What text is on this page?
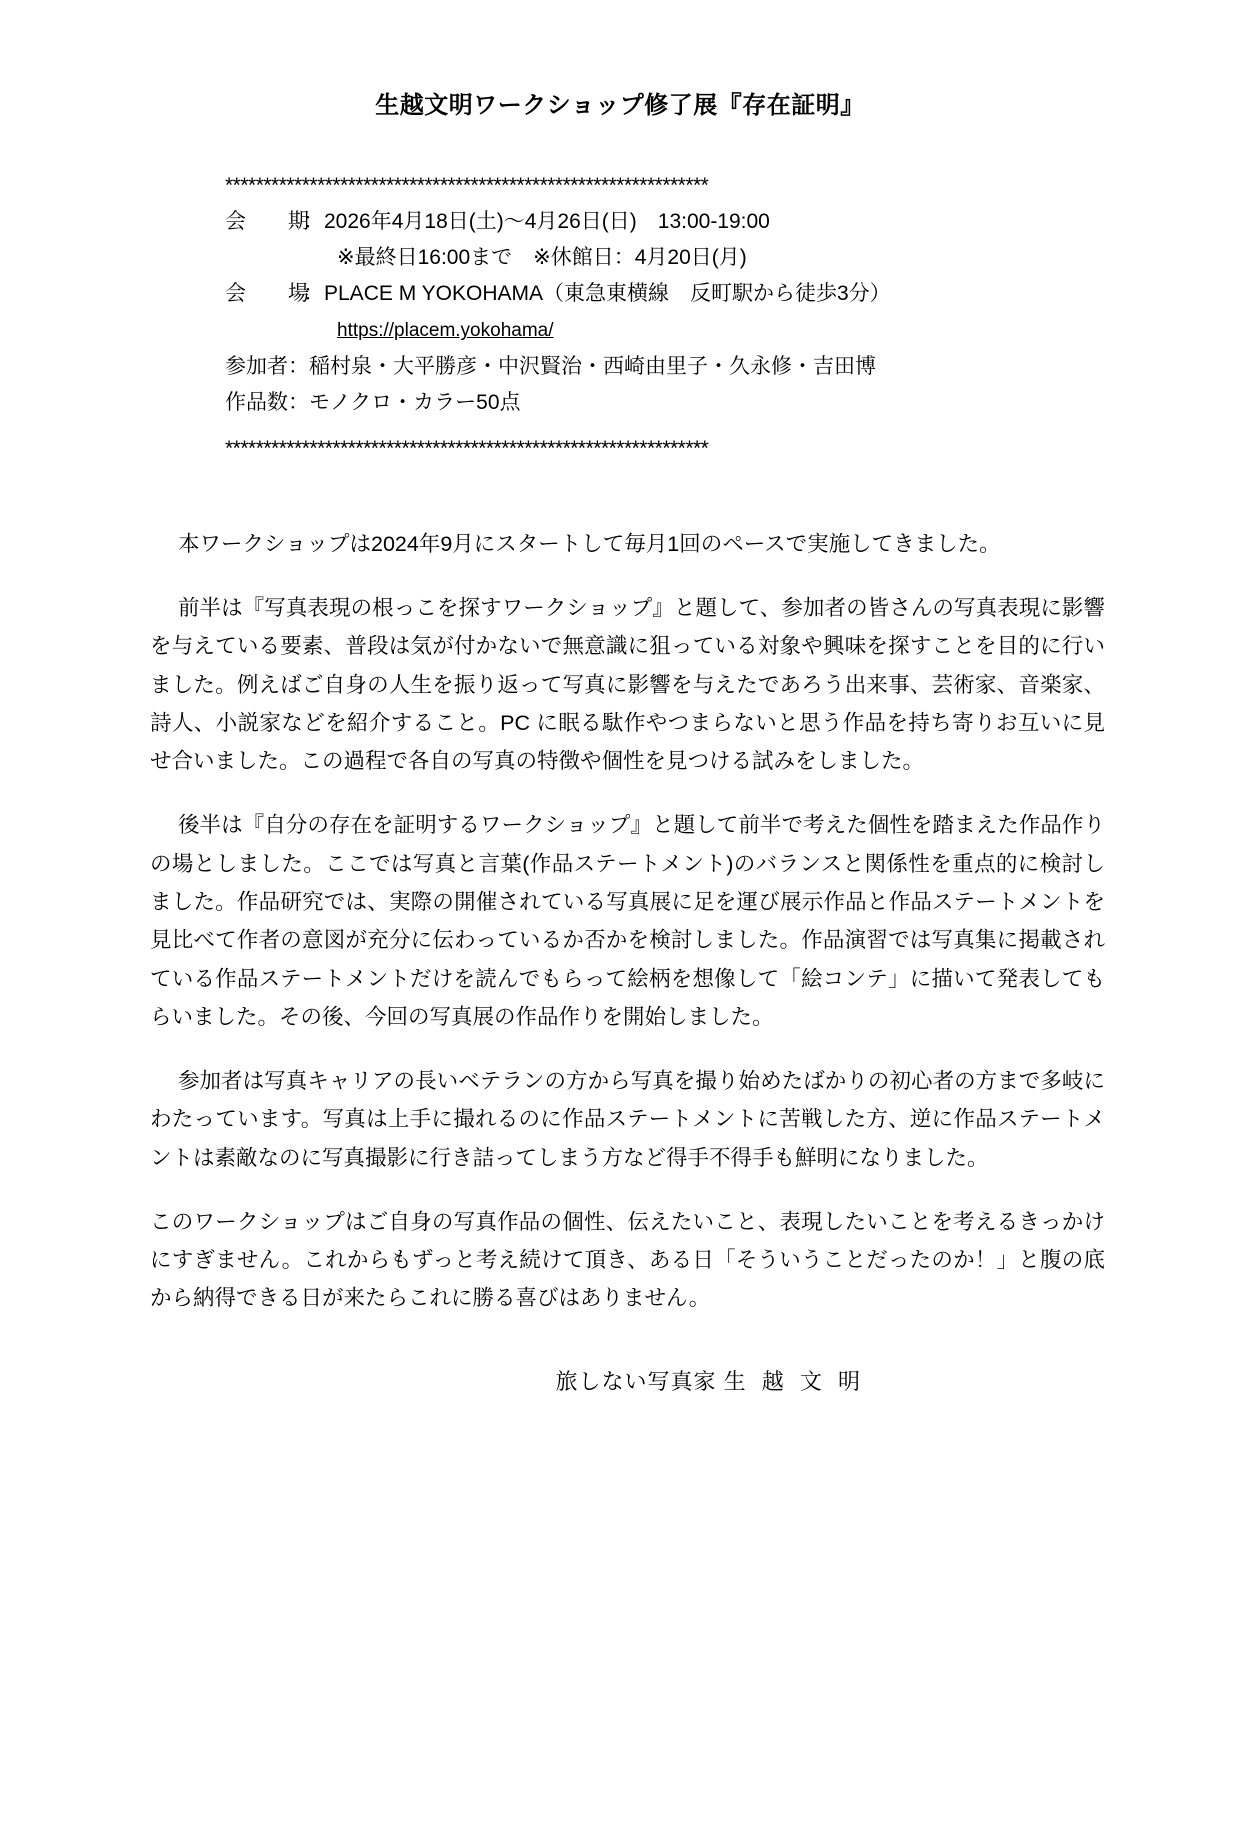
生越文明ワークショップ修了展『存在証明』
***************************************************************
会　　期：2026年4月18日(土)〜4月26日(日)　13:00-19:00
※最終日16:00まで　※休館日：4月20日(月)
会　　場：PLACE M YOKOHAMA（東急東横線　反町駅から徒歩3分）
https://placem.yokohama/
参加者：稲村泉・大平勝彦・中沢賢治・西崎由里子・久永修・吉田博
作品数：モノクロ・カラー50点
***************************************************************

本ワークショップは2024年9月にスタートして毎月1回のペースで実施してきました。

前半は『写真表現の根っこを探すワークショップ』と題して、参加者の皆さんの写真表現に影響を与えている要素、普段は気が付かないで無意識に狙っている対象や興味を探すことを目的に行いました。例えばご自身の人生を振り返って写真に影響を与えたであろう出来事、芸術家、音楽家、詩人、小説家などを紹介すること。PC に眠る駄作やつまらないと思う作品を持ち寄りお互いに見せ合いました。この過程で各自の写真の特徴や個性を見つける試みをしました。

後半は『自分の存在を証明するワークショップ』と題して前半で考えた個性を踏まえた作品作りの場としました。ここでは写真と言葉(作品ステートメント)のバランスと関係性を重点的に検討しました。作品研究では、実際の開催されている写真展に足を運び展示作品と作品ステートメントを見比べて作者の意図が充分に伝わっているか否かを検討しました。作品演習では写真集に掲載されている作品ステートメントだけを読んでもらって絵柄を想像して「絵コンテ」に描いて発表してもらいました。その後、今回の写真展の作品作りを開始しました。

参加者は写真キャリアの長いベテランの方から写真を撮り始めたばかりの初心者の方まで多岐にわたっています。写真は上手に撮れるのに作品ステートメントに苦戦した方、逆に作品ステートメントは素敵なのに写真撮影に行き詰ってしまう方など得手不得手も鮮明になりました。

このワークショップはご自身の写真作品の個性、伝えたいこと、表現したいことを考えるきっかけにすぎません。これからもずっと考え続けて頂き、ある日「そういうことだったのか！」と腹の底から納得できる日が来たらこれに勝る喜びはありません。

旅しない写真家 生 越 文 明
